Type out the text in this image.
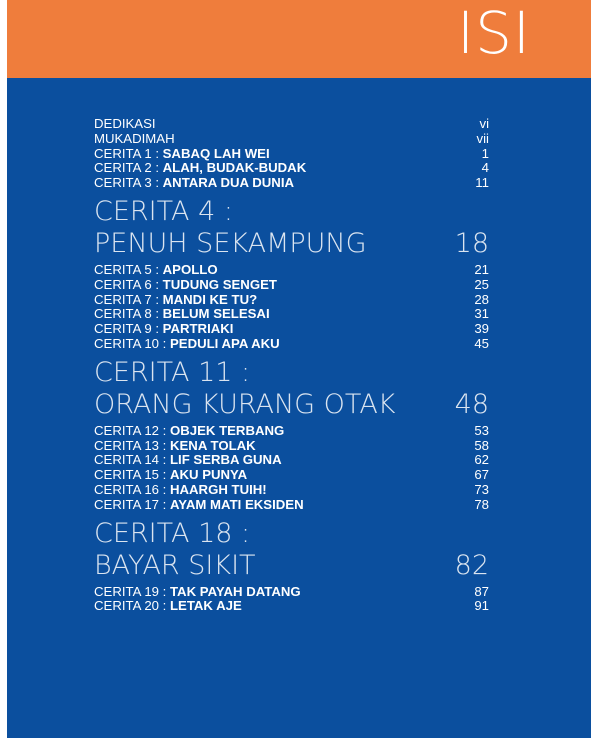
ISI
DEDIKASI	vi
MUKADIMAH	vii
CERITA 1 : SABAQ LAH WEI	1
CERITA 2 : ALAH, BUDAK-BUDAK	4
CERITA 3 : ANTARA DUA DUNIA	11
CERITA 4 :
PENUH SEKAMPUNG	18
CERITA 5 : APOLLO	21
CERITA 6 : TUDUNG SENGET	25
CERITA 7 : MANDI KE TU?	28
CERITA 8 : BELUM SELESAI	31
CERITA 9 : PARTRIAKI	39
CERITA 10 : PEDULI APA AKU	45
CERITA 11 :
ORANG KURANG OTAK 48
CERITA 12 : OBJEK TERBANG	53
CERITA 13 : KENA TOLAK	58
CERITA 14 : LIF SERBA GUNA	62
CERITA 15 : AKU PUNYA	67
CERITA 16 : HAARGH TUIH!	73
CERITA 17 : AYAM MATI EKSIDEN	78
CERITA 18 :
BAYAR SIKIT	82
CERITA 19 : TAK PAYAH DATANG	87
CERITA 20 : LETAK AJE	91
